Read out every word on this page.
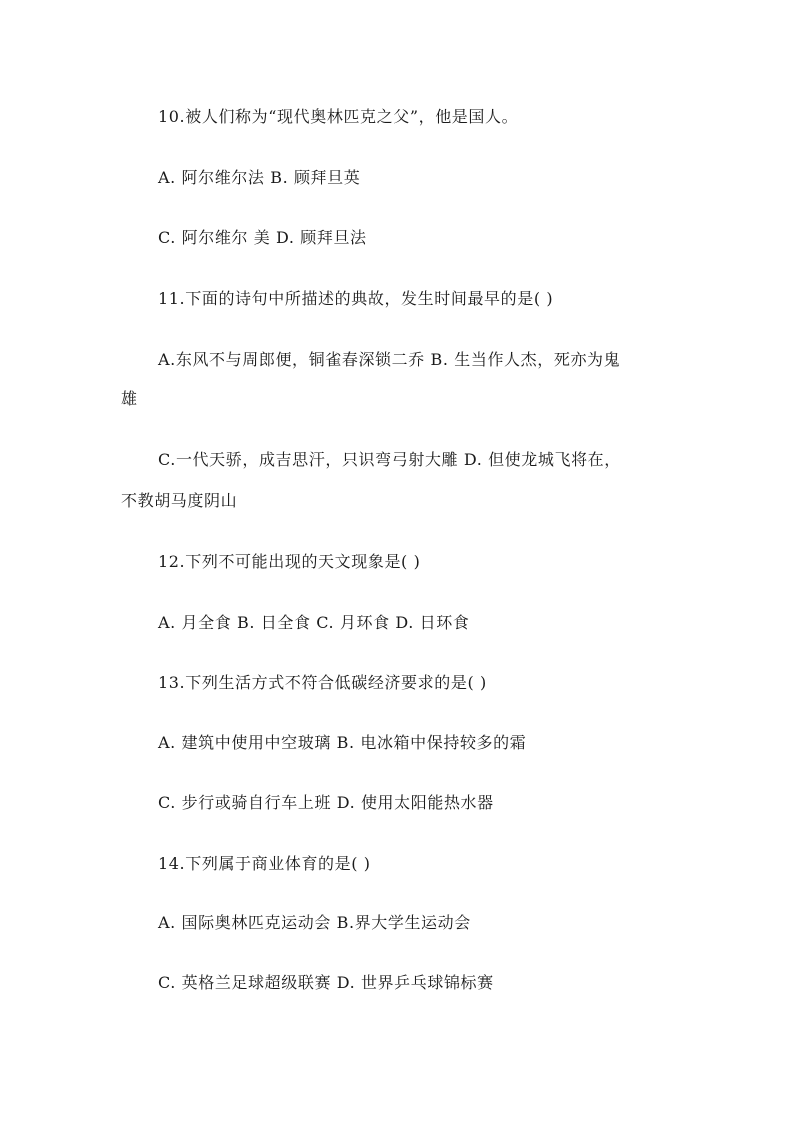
10.被人们称为“现代奥林匹克之父”，他是国人。
A. 阿尔维尔法 B. 顾拜旦英
C. 阿尔维尔 美 D. 顾拜旦法
11.下面的诗句中所描述的典故，发生时间最早的是( )
A.东风不与周郎便，铜雀春深锁二乔 B. 生当作人杰，死亦为鬼
雄
C.一代天骄，成吉思汗，只识弯弓射大雕 D. 但使龙城飞将在，
不教胡马度阴山
12.下列不可能出现的天文现象是( )
A. 月全食 B. 日全食 C. 月环食 D. 日环食
13.下列生活方式不符合低碳经济要求的是( )
A. 建筑中使用中空玻璃 B. 电冰箱中保持较多的霜
C. 步行或骑自行车上班 D. 使用太阳能热水器
14.下列属于商业体育的是( )
A. 国际奥林匹克运动会 B.界大学生运动会
C. 英格兰足球超级联赛 D. 世界乒乓球锦标赛
